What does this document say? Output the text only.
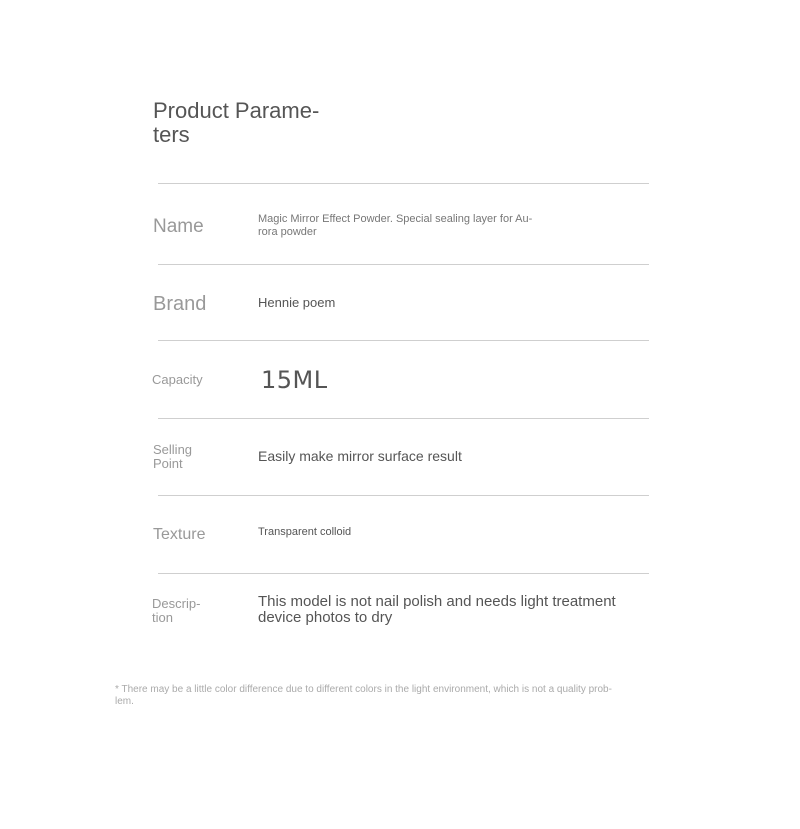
Product Parame-
ters
Name	Magic Mirror Effect Powder. Special sealing layer for Au-
rora powder
Brand	Hennie poem
Capacity 15ML
Selling
Point	Easily make mirror surface result
Texture	Transparent colloid
Descrip-
tion
This model is not nail polish and needs light treatment
device photos to dry
* There may be a little color difference due to different colors in the light environment, which is not a quality prob-
lem.
